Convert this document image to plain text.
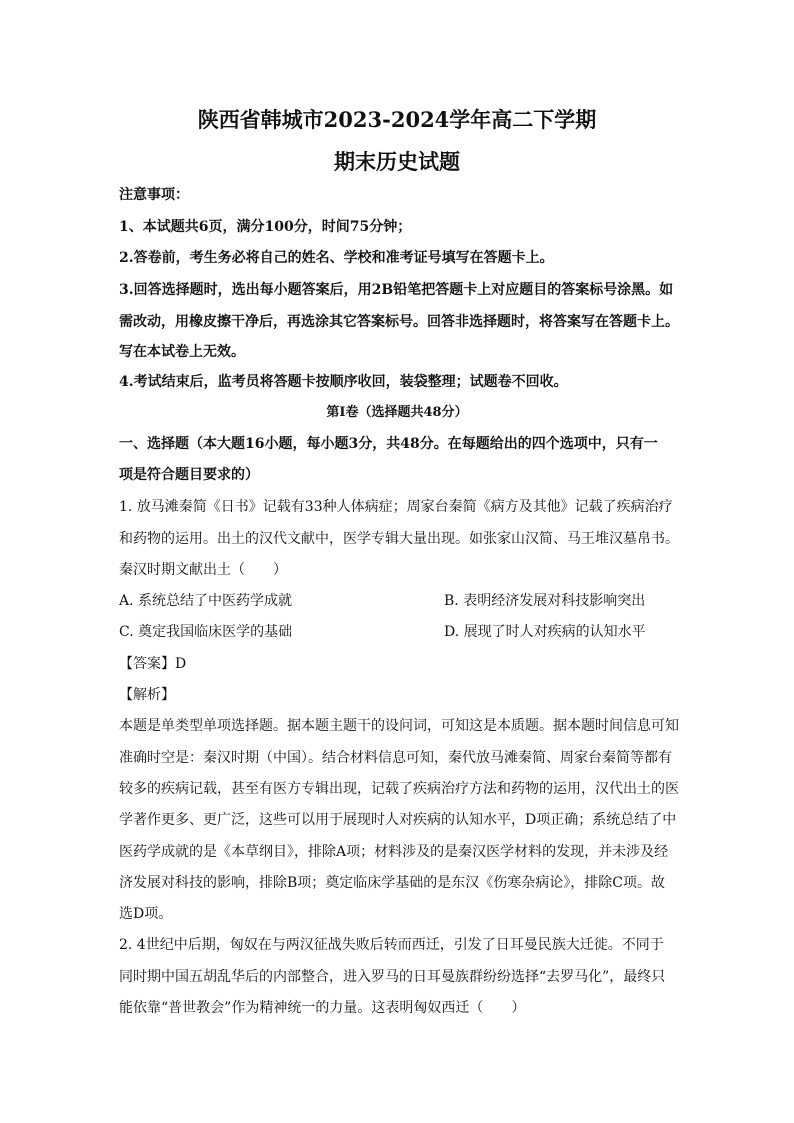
陕西省韩城市2023-2024学年高二下学期
期末历史试题
注意事项：
1、本试题共6页，满分100分，时间75分钟；
2.答卷前，考生务必将自己的姓名、学校和准考证号填写在答题卡上。
3.回答选择题时，选出每小题答案后，用2B铅笔把答题卡上对应题目的答案标号涂黑。如
需改动，用橡皮擦干净后，再选涂其它答案标号。回答非选择题时，将答案写在答题卡上。
写在本试卷上无效。
4.考试结束后，监考员将答题卡按顺序收回，装袋整理；试题卷不回收。
第Ⅰ卷（选择题共48分）
一、选择题（本大题16小题，每小题3分，共48分。在每题给出的四个选项中，只有一
项是符合题目要求的）
1. 放马滩秦简《日书》记载有33种人体病症；周家台秦简《病方及其他》记载了疾病治疗
和药物的运用。出土的汉代文献中，医学专辑大量出现。如张家山汉简、马王堆汉墓帛书。
秦汉时期文献出土（　　）
A. 系统总结了中医药学成就	B. 表明经济发展对科技影响突出
C. 奠定我国临床医学的基础	D. 展现了时人对疾病的认知水平
【答案】D
【解析】
本题是单类型单项选择题。据本题主题干的设问词，可知这是本质题。据本题时间信息可知
准确时空是：秦汉时期（中国）。结合材料信息可知，秦代放马滩秦简、周家台秦简等都有
较多的疾病记载，甚至有医方专辑出现，记载了疾病治疗方法和药物的运用，汉代出土的医
学著作更多、更广泛，这些可以用于展现时人对疾病的认知水平，D项正确；系统总结了中
医药学成就的是《本草纲目》，排除A项；材料涉及的是秦汉医学材料的发现，并未涉及经
济发展对科技的影响，排除B项；奠定临床学基础的是东汉《伤寒杂病论》，排除C项。故
选D项。
2. 4世纪中后期，匈奴在与两汉征战失败后转而西迁，引发了日耳曼民族大迁徙。不同于
同时期中国五胡乱华后的内部整合，进入罗马的日耳曼族群纷纷选择“去罗马化”，最终只
能依靠“普世教会”作为精神统一的力量。这表明匈奴西迁（　　）
